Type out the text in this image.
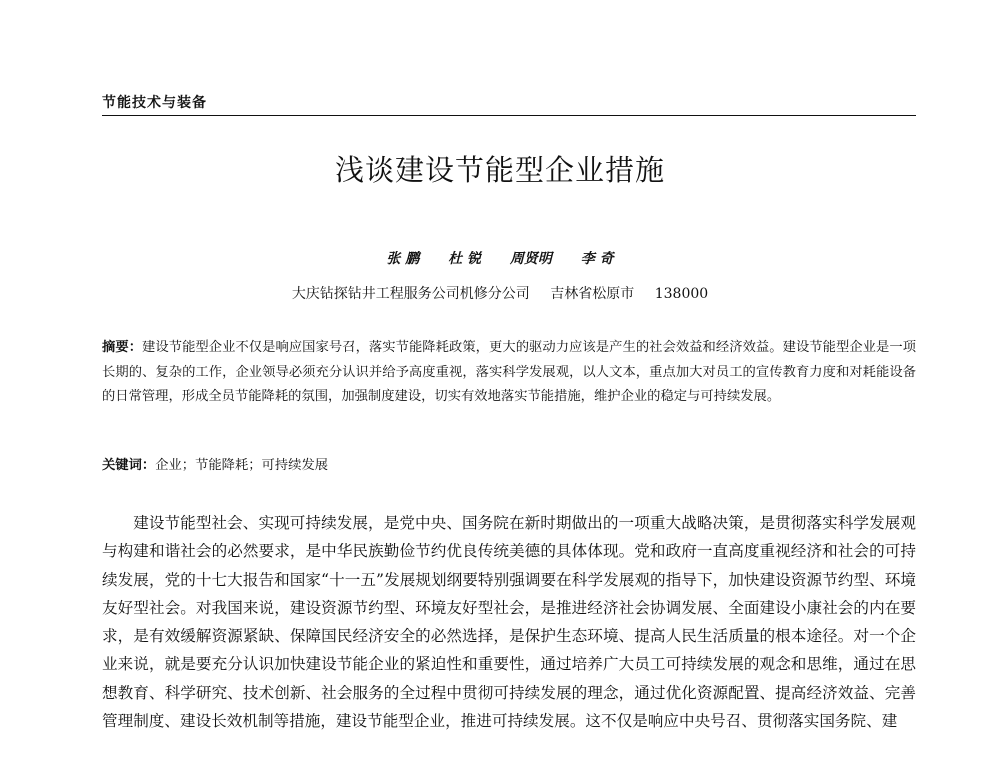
节能技术与装备
浅谈建设节能型企业措施
张 鹏 杜 锐 周贤明 李 奇
大庆钻探钻井工程服务公司机修分公司 吉林省松原市 138000
摘要：建设节能型企业不仅是响应国家号召，落实节能降耗政策，更大的驱动力应该是产生的社会效益和经济效益。建设节能型企业是一项长期的、复杂的工作，企业领导必须充分认识并给予高度重视，落实科学发展观，以人文本，重点加大对员工的宣传教育力度和对耗能设备的日常管理，形成全员节能降耗的氛围，加强制度建设，切实有效地落实节能措施，维护企业的稳定与可持续发展。
关键词：企业；节能降耗；可持续发展
建设节能型社会、实现可持续发展，是党中央、国务院在新时期做出的一项重大战略决策，是贯彻落实科学发展观与构建和谐社会的必然要求，是中华民族勤俭节约优良传统美德的具体体现。党和政府一直高度重视经济和社会的可持续发展，党的十七大报告和国家“十一五”发展规划纲要特别强调要在科学发展观的指导下，加快建设资源节约型、环境友好型社会。对我国来说，建设资源节约型、环境友好型社会，是推进经济社会协调发展、全面建设小康社会的内在要求，是有效缓解资源紧缺、保障国民经济安全的必然选择，是保护生态环境、提高人民生活质量的根本途径。对一个企业来说，就是要充分认识加快建设节能企业的紧迫性和重要性，通过培养广大员工可持续发展的观念和思维，通过在思想教育、科学研究、技术创新、社会服务的全过程中贯彻可持续发展的理念，通过优化资源配置、提高经济效益、完善管理制度、建设长效机制等措施，建设节能型企业，推进可持续发展。这不仅是响应中央号召、贯彻落实国务院、建
